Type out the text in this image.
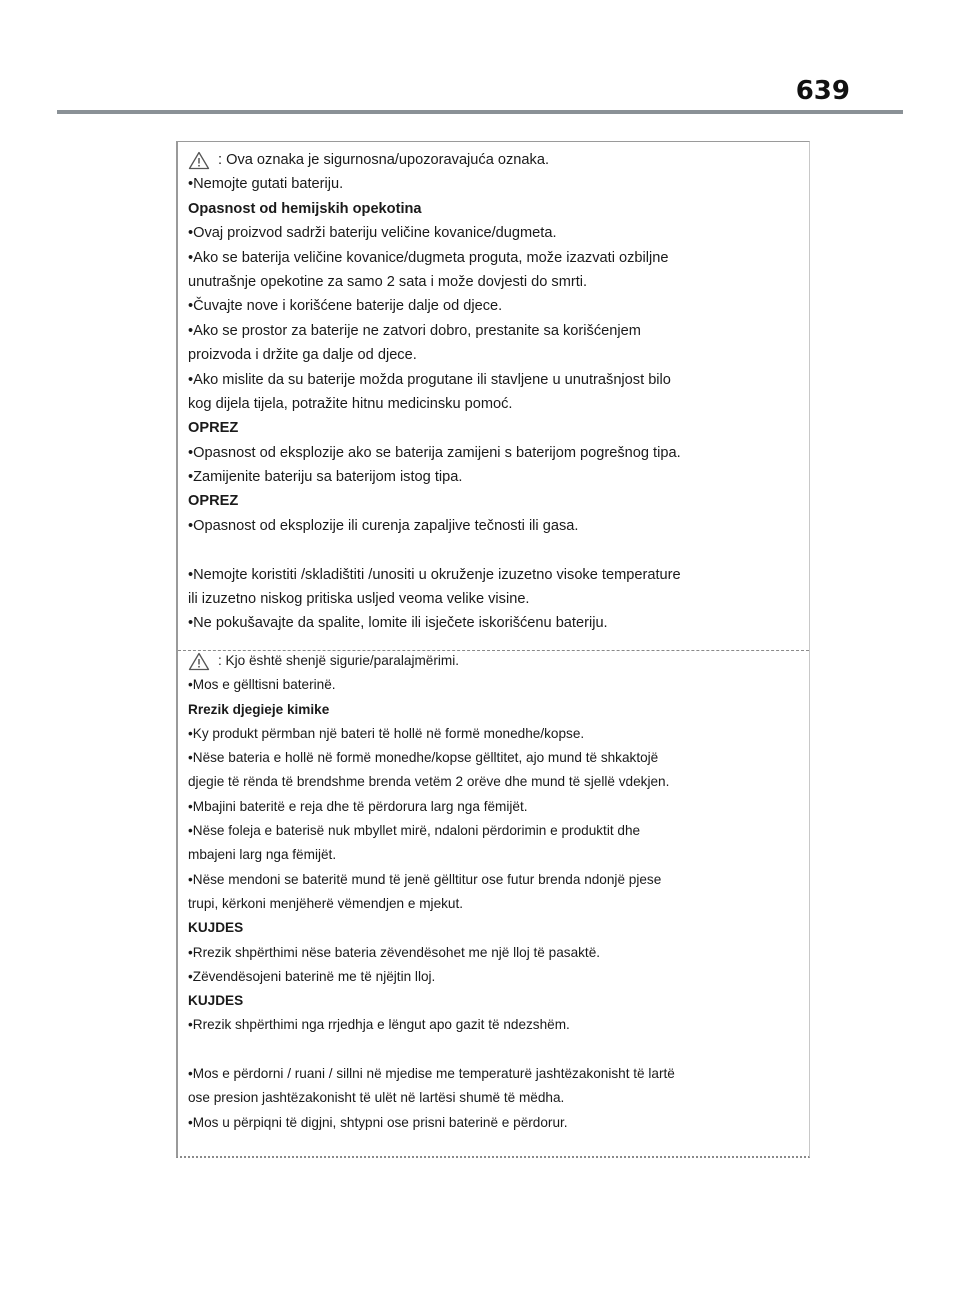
639
: Ova oznaka je sigurnosna/upozoravajuća oznaka.
•Nemojte gutati bateriju.
Opasnost od hemijskih opekotina
•Ovaj proizvod sadrži bateriju veličine kovanice/dugmeta.
•Ako se baterija veličine kovanice/dugmeta proguta, može izazvati ozbiljne
unutrašnje opekotine za samo 2 sata i može dovjesti do smrti.
•Čuvajte nove i korišćene baterije dalje od djece.
•Ako se prostor za baterije ne zatvori dobro, prestanite sa korišćenjem
proizvoda i držite ga dalje od djece.
•Ako mislite da su baterije možda progutane ili stavljene u unutrašnjost bilo
kog dijela tijela, potražite hitnu medicinsku pomoć.
OPREZ
•Opasnost od eksplozije ako se baterija zamijeni s baterijom pogrešnog tipa.
•Zamijenite bateriju sa baterijom istog tipa.
OPREZ
•Opasnost od eksplozije ili curenja zapaljive tečnosti ili gasa.
•Nemojte koristiti /skladištiti /unositi u okruženje izuzetno visoke temperature
ili izuzetno niskog pritiska usljed veoma velike visine.
•Ne pokušavajte da spalite, lomite ili isječete iskorišćenu bateriju.
: Kjo është shenjë sigurie/paralajmërimi.
•Mos e gëlltisni baterinë.
Rrezik djegieje kimike
•Ky produkt përmban një bateri të hollë në formë monedhe/kopse.
•Nëse bateria e hollë në formë monedhe/kopse gëlltitet, ajo mund të shkaktojë
djegie të rënda të brendshme brenda vetëm 2 orëve dhe mund të sjellë vdekjen.
•Mbajini bateritë e reja dhe të përdorura larg nga fëmijët.
•Nëse foleja e baterisë nuk mbyllet mirë, ndaloni përdorimin e produktit dhe
mbajeni larg nga fëmijët.
•Nëse mendoni se bateritë mund të jenë gëlltitur ose futur brenda ndonjë pjese
trupi, kërkoni menjëherë vëmendjen e mjekut.
KUJDES
•Rrezik shpërthimi nëse bateria zëvendësohet me një lloj të pasaktë.
•Zëvendësojeni baterinë me të njëjtin lloj.
KUJDES
•Rrezik shpërthimi nga rrjedhja e lëngut apo gazit të ndezshëm.
•Mos e përdorni / ruani / sillni në mjedise me temperaturë jashtëzakonisht të lartë
ose presion jashtëzakonisht të ulët në lartësi shumë të mëdha.
•Mos u përpiqni të digjni, shtypni ose prisni baterinë e përdorur.
